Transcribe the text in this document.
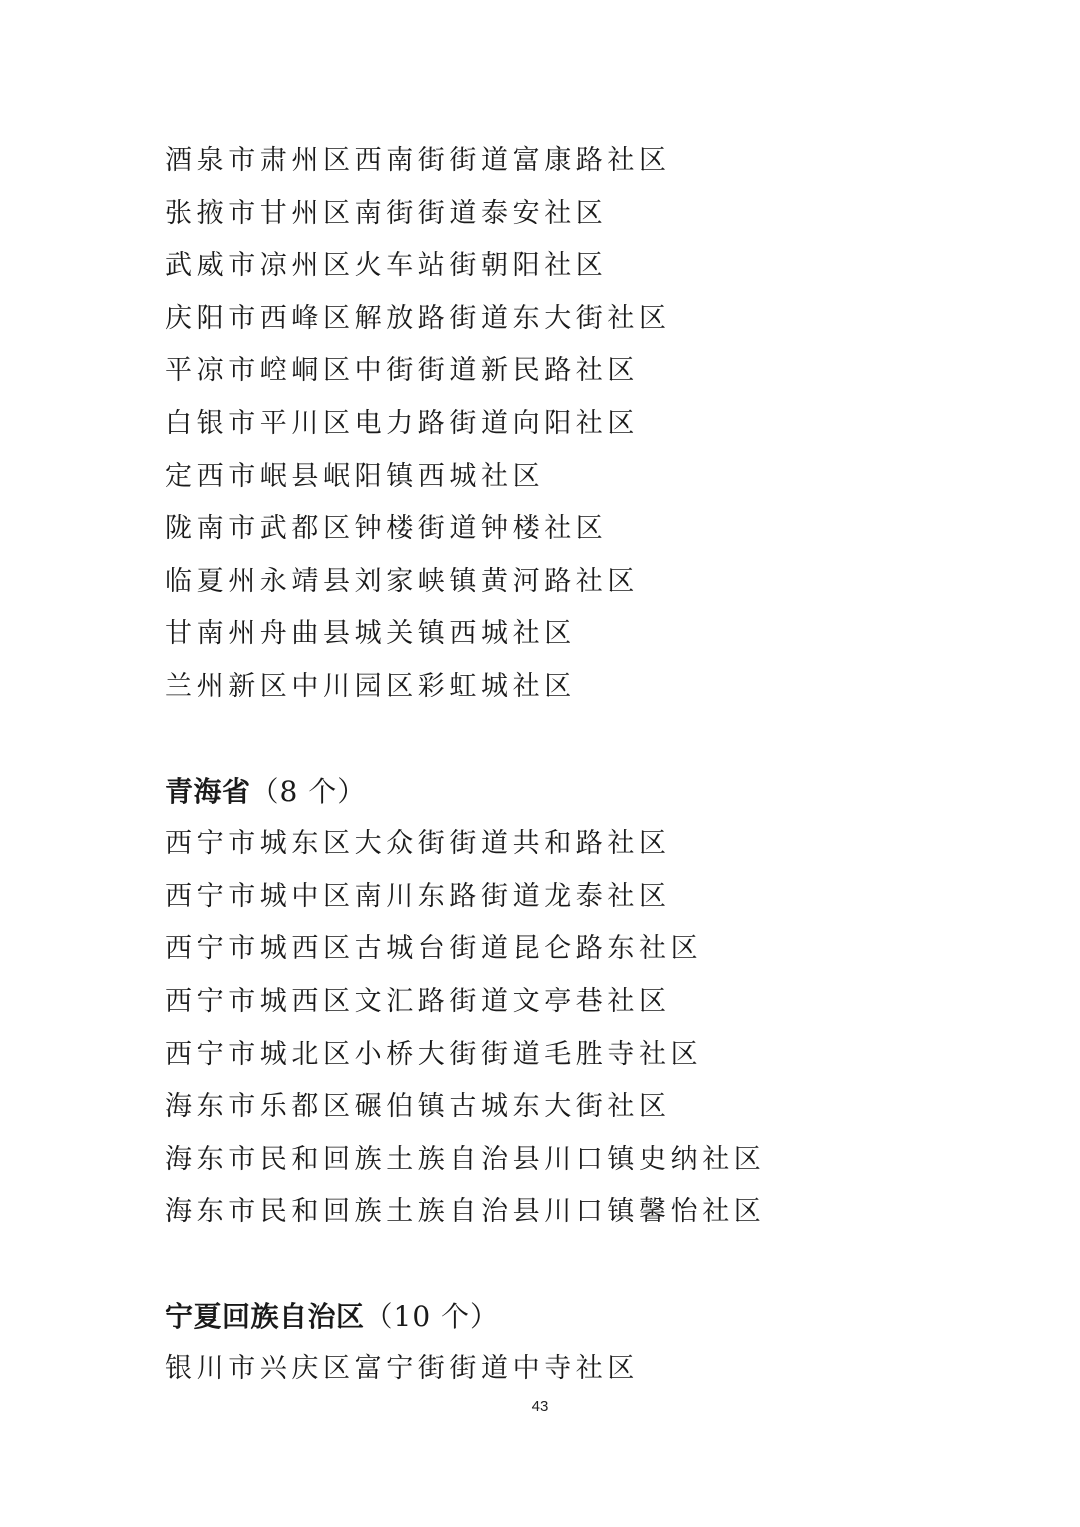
酒泉市肃州区西南街街道富康路社区
张掖市甘州区南街街道泰安社区
武威市凉州区火车站街朝阳社区
庆阳市西峰区解放路街道东大街社区
平凉市崆峒区中街街道新民路社区
白银市平川区电力路街道向阳社区
定西市岷县岷阳镇西城社区
陇南市武都区钟楼街道钟楼社区
临夏州永靖县刘家峡镇黄河路社区
甘南州舟曲县城关镇西城社区
兰州新区中川园区彩虹城社区
青海省（8 个）
西宁市城东区大众街街道共和路社区
西宁市城中区南川东路街道龙泰社区
西宁市城西区古城台街道昆仑路东社区
西宁市城西区文汇路街道文亭巷社区
西宁市城北区小桥大街街道毛胜寺社区
海东市乐都区碾伯镇古城东大街社区
海东市民和回族土族自治县川口镇史纳社区
海东市民和回族土族自治县川口镇馨怡社区
宁夏回族自治区（10 个）
银川市兴庆区富宁街街道中寺社区
43
